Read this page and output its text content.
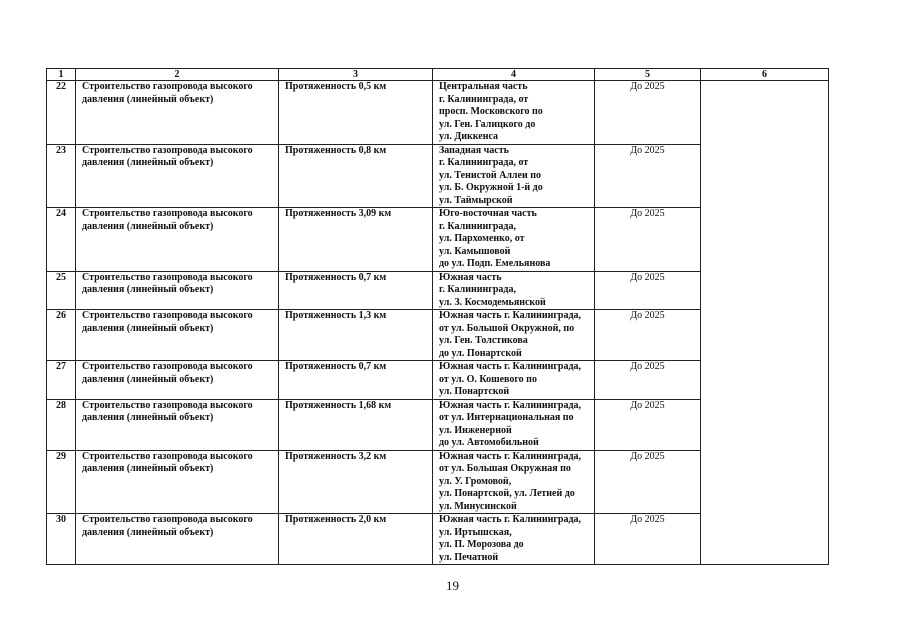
1	2	3	4	5	6
22	Строительство газопровода высокого
давления (линейный объект)	Протяженность 0,5 км	Центральная часть
г. Калининграда, от
просп. Московского по
ул. Ген. Галицкого до
ул. Диккенса	До 2025	
23	Строительство газопровода высокого
давления (линейный объект)	Протяженность 0,8 км	Западная часть
г. Калининграда, от
ул. Тенистой Аллеи по
ул. Б. Окружной 1-й до
ул. Таймырской	До 2025	
24	Строительство газопровода высокого
давления (линейный объект)	Протяженность 3,09 км	Юго-восточная часть
г. Калининграда,
ул. Пархоменко, от
ул. Камышовой
до ул. Подп. Емельянова	До 2025	
25	Строительство газопровода высокого
давления (линейный объект)	Протяженность 0,7 км	Южная часть
г. Калининграда,
ул. З. Космодемьянской	До 2025	
26	Строительство газопровода высокого
давления (линейный объект)	Протяженность 1,3 км	Южная часть г. Калининграда,
от ул. Большой Окружной, по
ул. Ген. Толстикова
до ул. Понартской	До 2025	
27	Строительство газопровода высокого
давления (линейный объект)	Протяженность 0,7 км	Южная часть г. Калининграда,
от ул. О. Кошевого по
ул. Понартской	До 2025	
28	Строительство газопровода высокого
давления (линейный объект)	Протяженность 1,68 км	Южная часть г. Калининграда,
от ул. Интернациональная по
ул. Инженерной
до ул. Автомобильной	До 2025	
29	Строительство газопровода высокого
давления (линейный объект)	Протяженность 3,2 км	Южная часть г. Калининграда,
от ул. Большая Окружная по
ул. У. Громовой,
ул. Понартской, ул. Летней до
ул. Минусинской	До 2025	
30	Строительство газопровода высокого
давления (линейный объект)	Протяженность 2,0 км	Южная часть г. Калининграда,
ул. Иртышская,
ул. П. Морозова до
ул. Печатной	До 2025	
19
